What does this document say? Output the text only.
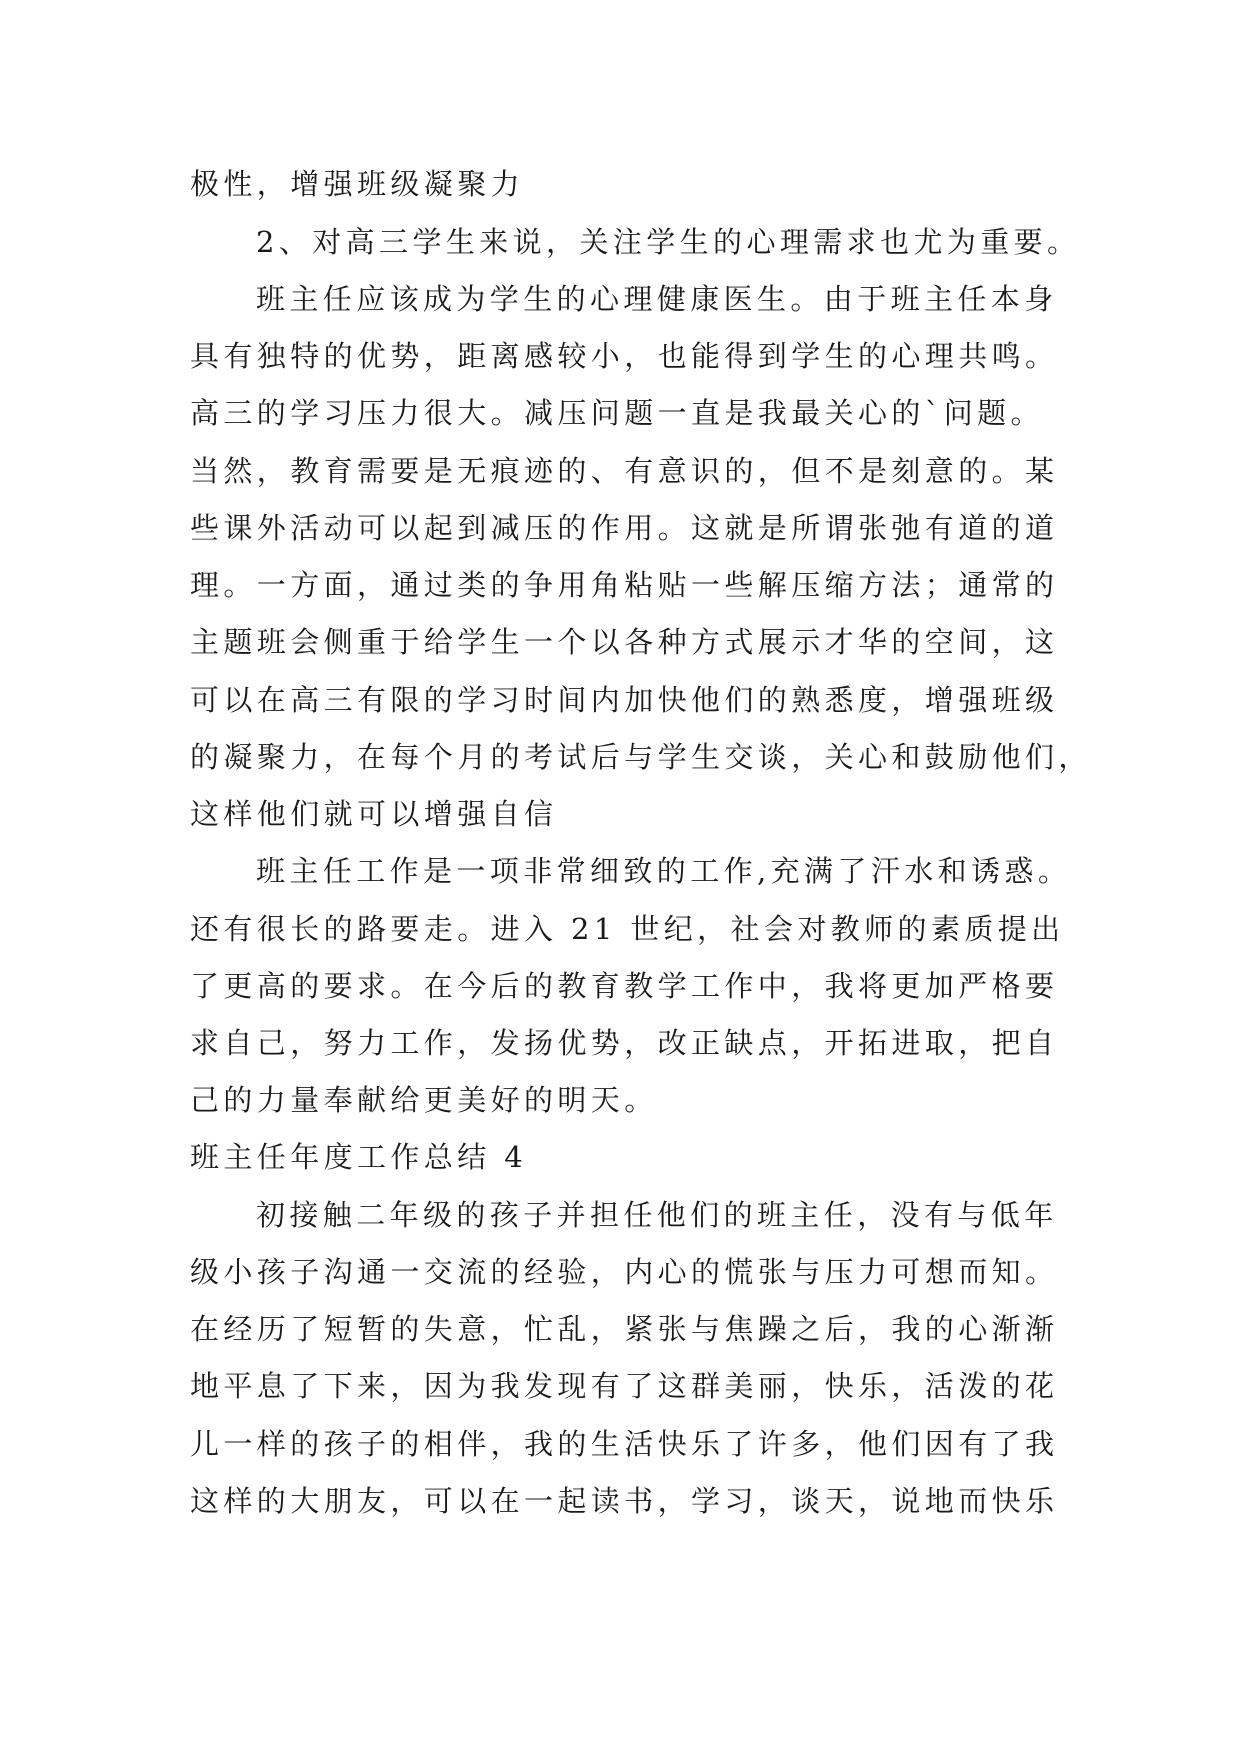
极性，增强班级凝聚力

2、对高三学生来说，关注学生的心理需求也尤为重要。

班主任应该成为学生的心理健康医生。由于班主任本身

具有独特的优势，距离感较小，也能得到学生的心理共鸣。

高三的学习压力很大。减压问题一直是我最关心的`问题。

当然，教育需要是无痕迹的、有意识的，但不是刻意的。某

些课外活动可以起到减压的作用。这就是所谓张弛有道的道

理。一方面，通过类的争用角粘贴一些解压缩方法；通常的

主题班会侧重于给学生一个以各种方式展示才华的空间，这

可以在高三有限的学习时间内加快他们的熟悉度，增强班级

的凝聚力，在每个月的考试后与学生交谈，关心和鼓励他们，

这样他们就可以增强自信

班主任工作是一项非常细致的工作,充满了汗水和诱惑。

还有很长的路要走。进入 21 世纪，社会对教师的素质提出

了更高的要求。在今后的教育教学工作中，我将更加严格要

求自己，努力工作，发扬优势，改正缺点，开拓进取，把自

己的力量奉献给更美好的明天。

班主任年度工作总结 4

初接触二年级的孩子并担任他们的班主任，没有与低年

级小孩子沟通一交流的经验，内心的慌张与压力可想而知。

在经历了短暂的失意，忙乱，紧张与焦躁之后，我的心渐渐

地平息了下来，因为我发现有了这群美丽，快乐，活泼的花

儿一样的孩子的相伴，我的生活快乐了许多，他们因有了我

这样的大朋友，可以在一起读书，学习，谈天，说地而快乐
